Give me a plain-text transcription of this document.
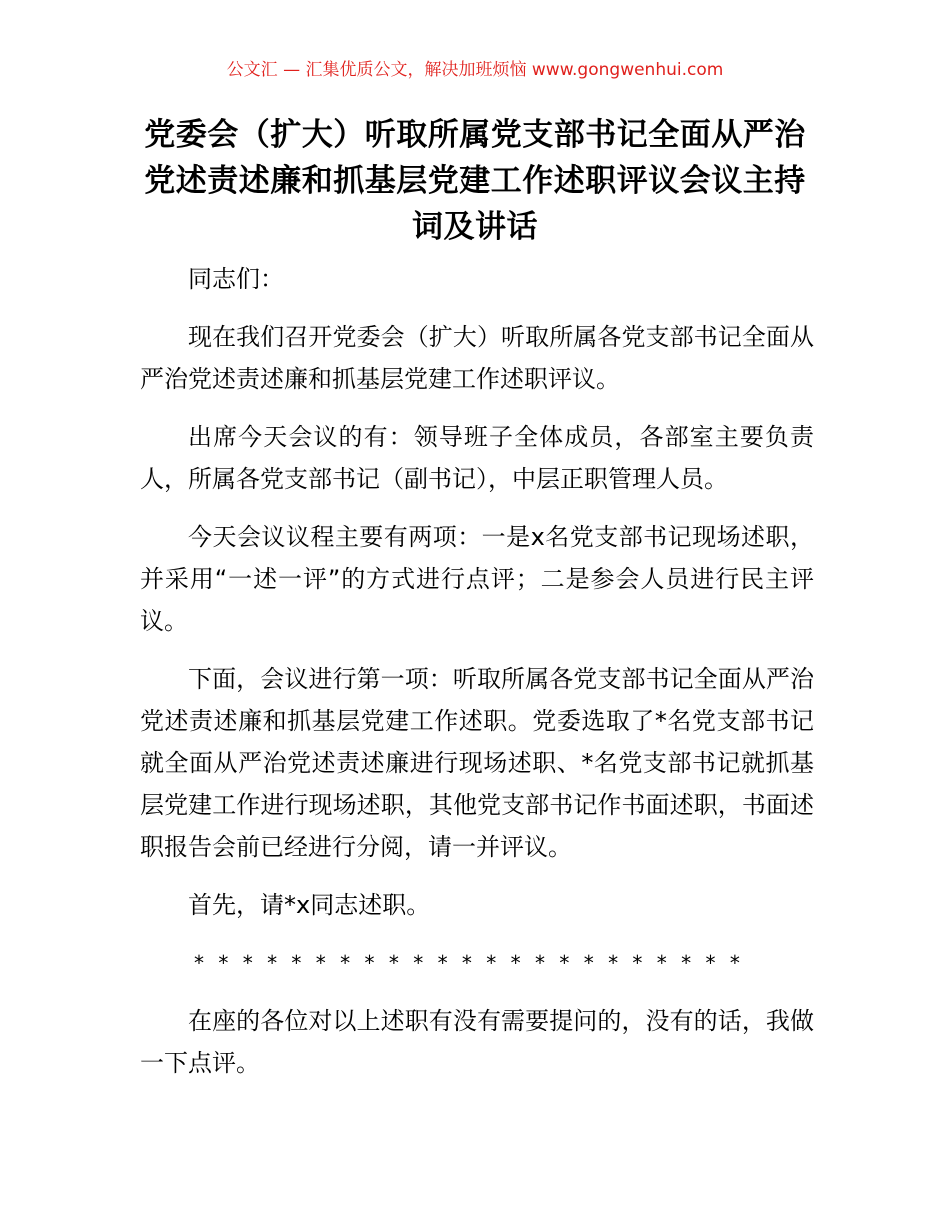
公文汇 — 汇集优质公文，解决加班烦恼 www.gongwenhui.com
党委会（扩大）听取所属党支部书记全面从严治党述责述廉和抓基层党建工作述职评议会议主持词及讲话

同志们：

现在我们召开党委会（扩大）听取所属各党支部书记全面从严治党述责述廉和抓基层党建工作述职评议。

出席今天会议的有：领导班子全体成员，各部室主要负责人，所属各党支部书记（副书记），中层正职管理人员。

今天会议议程主要有两项：一是x名党支部书记现场述职，并采用“一述一评”的方式进行点评；二是参会人员进行民主评议。

下面，会议进行第一项：听取所属各党支部书记全面从严治党述责述廉和抓基层党建工作述职。党委选取了*名党支部书记就全面从严治党述责述廉进行现场述职、*名党支部书记就抓基层党建工作进行现场述职，其他党支部书记作书面述职，书面述职报告会前已经进行分阅，请一并评议。

首先，请*x同志述职。

* * * * * * * * * * * * * * * * * * * * * * *

在座的各位对以上述职有没有需要提问的，没有的话，我做一下点评。
